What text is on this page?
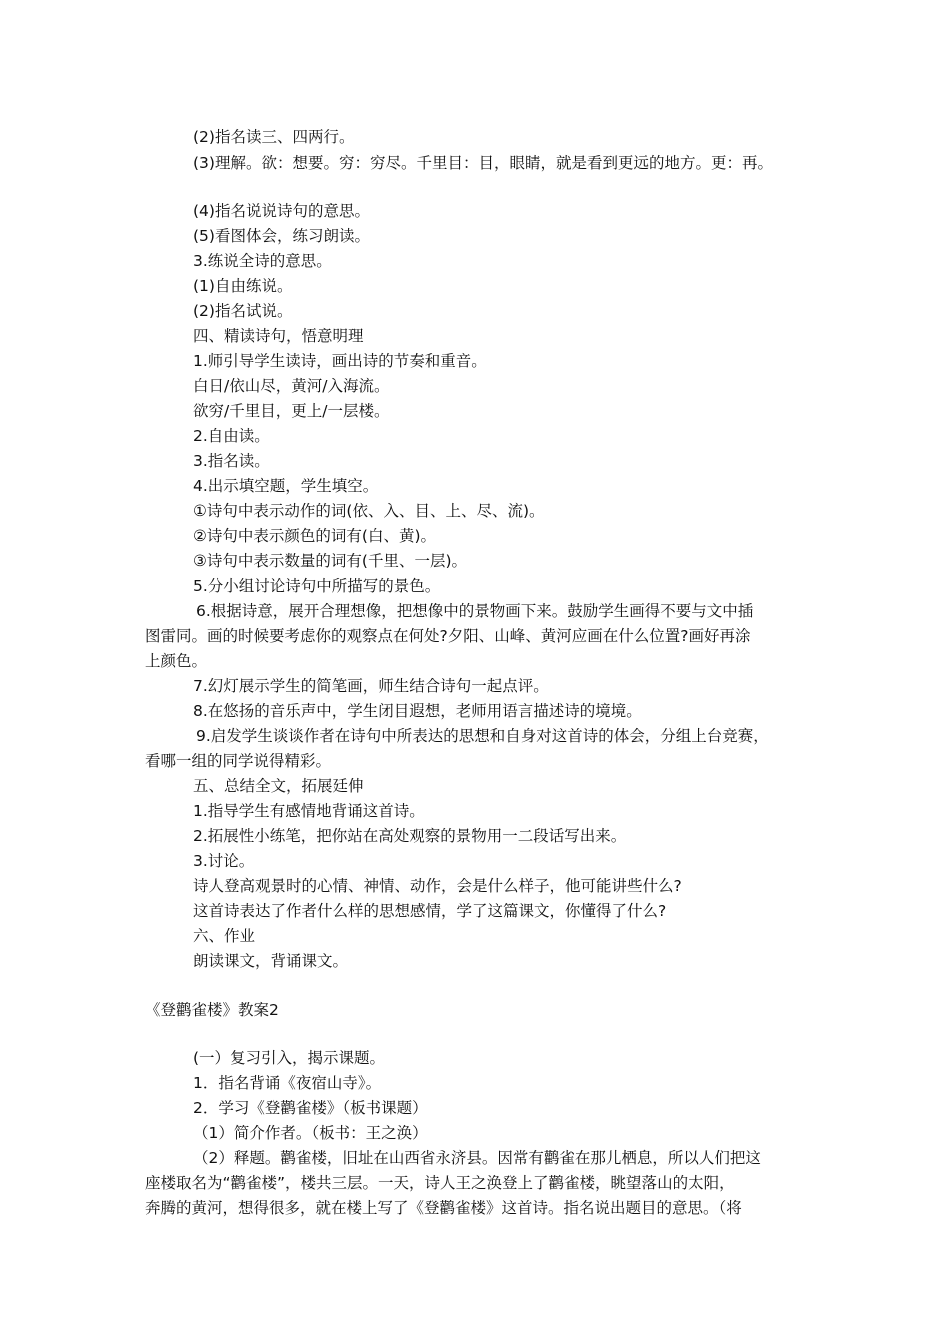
(2)指名读三、四两行。

(3)理解。欲：想要。穷：穷尽。千里目：目，眼睛，就是看到更远的地方。更：再。

(4)指名说说诗句的意思。

(5)看图体会，练习朗读。

3.练说全诗的意思。

(1)自由练说。

(2)指名试说。

四、精读诗句，悟意明理

1.师引导学生读诗，画出诗的节奏和重音。

白日/依山尽，黄河/入海流。

欲穷/千里目，更上/一层楼。

2.自由读。

3.指名读。

4.出示填空题，学生填空。

①诗句中表示动作的词(依、入、目、上、尽、流)。

②诗句中表示颜色的词有(白、黄)。

③诗句中表示数量的词有(千里、一层)。

5.分小组讨论诗句中所描写的景色。

6.根据诗意，展开合理想像，把想像中的景物画下来。鼓励学生画得不要与文中插

图雷同。画的时候要考虑你的观察点在何处?夕阳、山峰、黄河应画在什么位置?画好再涂

上颜色。

7.幻灯展示学生的简笔画，师生结合诗句一起点评。

8.在悠扬的音乐声中，学生闭目遐想，老师用语言描述诗的境境。

9.启发学生谈谈作者在诗句中所表达的思想和自身对这首诗的体会，分组上台竞赛，

看哪一组的同学说得精彩。

五、总结全文，拓展廷伸

1.指导学生有感情地背诵这首诗。

2.拓展性小练笔，把你站在高处观察的景物用一二段话写出来。

3.讨论。

诗人登高观景时的心情、神情、动作，会是什么样子，他可能讲些什么?

这首诗表达了作者什么样的思想感情，学了这篇课文，你懂得了什么?

六、作业

朗读课文，背诵课文。

《登鹳雀楼》教案2

(一）复习引入，揭示课题。

1．指名背诵《夜宿山寺》。

2．学习《登鹳雀楼》（板书课题）

（1）简介作者。（板书：王之涣）

（2）释题。鹳雀楼，旧址在山西省永济县。因常有鹳雀在那儿栖息，所以人们把这

座楼取名为“鹳雀楼”，楼共三层。一天，诗人王之涣登上了鹳雀楼，眺望落山的太阳，

奔腾的黄河，想得很多，就在楼上写了《登鹳雀楼》这首诗。指名说出题目的意思。（将
